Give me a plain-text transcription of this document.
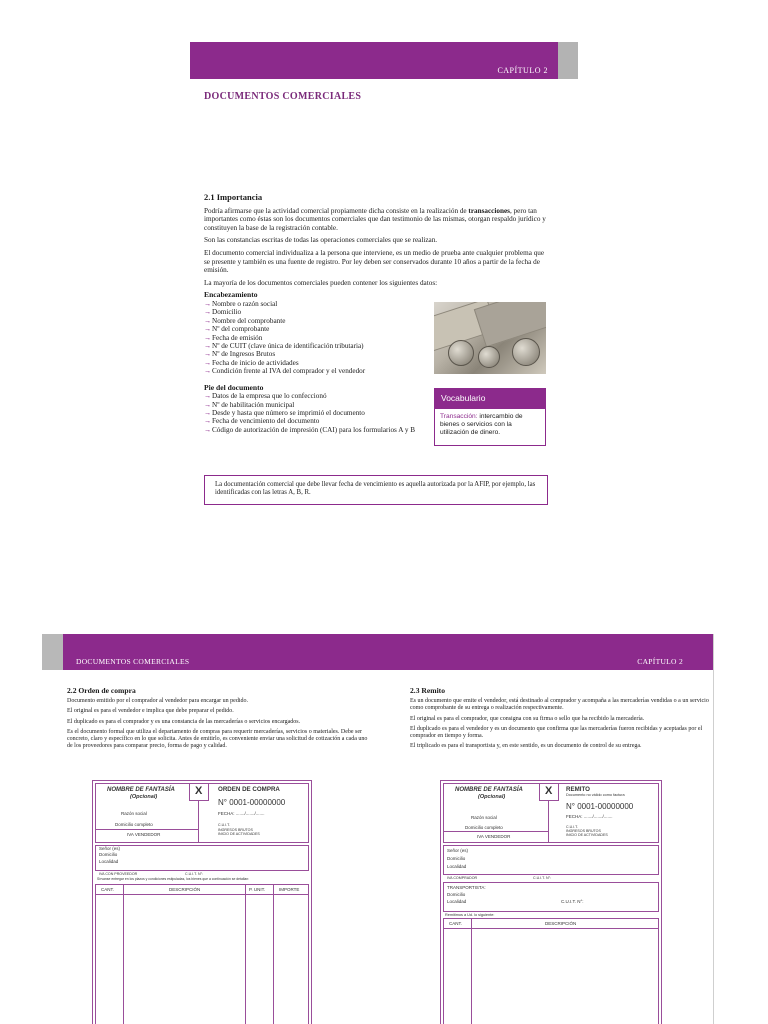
CAPÍTULO 2
DOCUMENTOS COMERCIALES
2.1 Importancia

Podría afirmarse que la actividad comercial propiamente dicha consiste en la realización de transacciones, pero tan importantes como éstas son los documentos comerciales que dan testimonio de las mismas, otorgan respaldo jurídico y constituyen la base de la registración contable.

Son las constancias escritas de todas las operaciones comerciales que se realizan.

El documento comercial individualiza a la persona que interviene, es un medio de prueba ante cualquier problema que se presente y también es una fuente de registro. Por ley deben ser conservados durante 10 años a partir de la fecha de emisión.

La mayoría de los documentos comerciales pueden contener los siguientes datos:

Encabezamiento
→ Nombre o razón social
→ Domicilio
→ Nombre del comprobante
→ Nº del comprobante
→ Fecha de emisión
→ Nº de CUIT (clave única de identificación tributaria)
→ Nº de Ingresos Brutos
→ Fecha de inicio de actividades
→ Condición frente al IVA del comprador y el vendedor
Pie del documento
→ Datos de la empresa que lo confeccionó
→ Nº de habilitación municipal
→ Desde y hasta que número se imprimió el documento
→ Fecha de vencimiento del documento
→ Código de autorización de impresión (CAI) para los formularios A y B
Vocabulario
Transacción: intercambio de bienes o servicios con la utilización de dinero.
La documentación comercial que debe llevar fecha de vencimiento es aquella autorizada por la AFIP, por ejemplo, las identificadas con las letras A, B, R.
DOCUMENTOS COMERCIALES	CAPÍTULO 2
2.2 Orden de compra

Documento emitido por el comprador al vendedor para encargar un pedido.

El original es para el vendedor e implica que debe preparar el pedido.

El duplicado es para el comprador y es una constancia de las mercaderías o servicios encargados.

Es el documento formal que utiliza el departamento de compras para requerir mercaderías, servicios o materiales. Debe ser concreto, claro y específico en lo que solicita. Antes de emitirlo, es conveniente enviar una solicitud de cotización a cada uno de los proveedores para comparar precio, forma de pago y calidad.

2.3 Remito

Es un documento que emite el vendedor, está destinado al comprador y acompaña a las mercaderías vendidas o a un servicio como comprobante de su entrega o realización respectivamente.

El original es para el comprador, que consigna con su firma o sello que ha recibido la mercadería.

El duplicado es para el vendedor y es un documento que confirma que las mercaderías fueron recibidas y aceptadas por el comprador en tiempo y forma.

El triplicado es para el transportista y, en este sentido, es un documento de control de su entrega.

NOMBRE DE FANTASÍA
(Opcional)	X	ORDEN DE COMPRA
N° 0001-00000000
FECHA: ......./......./.......
C.U.I.T.
INGRESOS BRUTOS
INICIO DE ACTIVIDADES
Razón social
Domicilio completo
IVA VENDEDOR
Señor (es)
Domicilio
Localidad
IVA CON PROVEEDOR	C.U.I.T. N°:
Sírvanse entregar en los plazos y condiciones estipuladas, los bienes que a continuación se detallan:
CANT.	DESCRIPCIÓN	P. UNIT.	IMPORTE
NOMBRE DE FANTASÍA
(Opcional)	X REMITO
Documento no válido como factura
N° 0001-00000000
FECHA: ......./......./.......
C.U.I.T.
INGRESOS BRUTOS
INICIO DE ACTIVIDADES
Razón social
Domicilio completo
IVA VENDEDOR
Señor (es)
Domicilio
Localidad
IVA COMPRADOR	C.U.I.T. N°:
TRANSPORTISTA:
Domicilio
Localidad	C.U.I.T. N°:
Remitimos a Ud. lo siguiente:
CANT.	DESCRIPCIÓN
